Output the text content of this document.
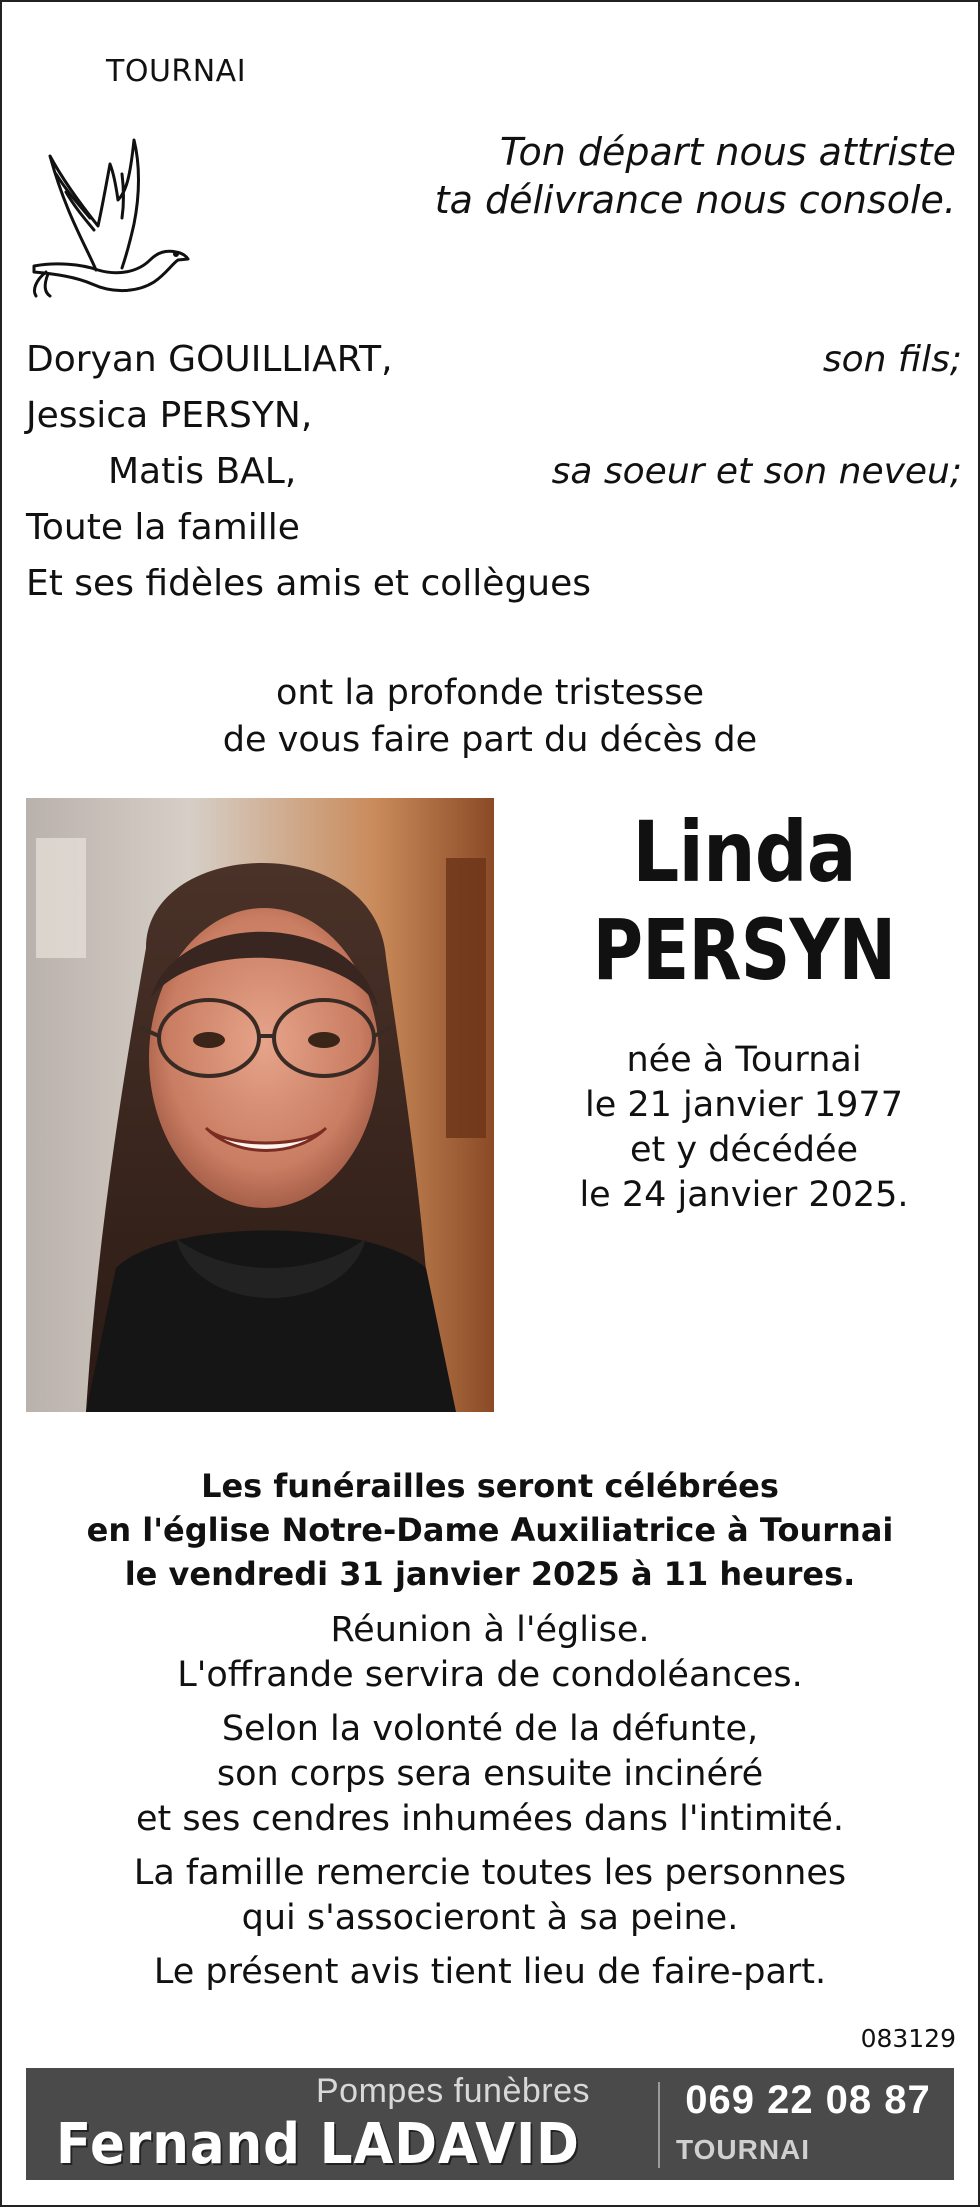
TOURNAI
Ton départ nous attriste
ta délivrance nous console.
Doryan GOUILLIART,	son fils;
Jessica PERSYN,
Matis BAL,	sa soeur et son neveu;
Toute la famille
Et ses fidèles amis et collègues
ont la profonde tristesse
de vous faire part du décès de
Linda
PERSYN
née à Tournai
le 21 janvier 1977
et y décédée
le 24 janvier 2025.
Les funérailles seront célébrées
en l'église Notre-Dame Auxiliatrice à Tournai
le vendredi 31 janvier 2025 à 11 heures.
Réunion à l'église.
L'offrande servira de condoléances.
Selon la volonté de la défunte,
son corps sera ensuite incinéré
et ses cendres inhumées dans l'intimité.
La famille remercie toutes les personnes
qui s'associeront à sa peine.
Le présent avis tient lieu de faire-part.
083129
Pompes funèbres
Fernand LADAVID
069 22 08 87
TOURNAI
